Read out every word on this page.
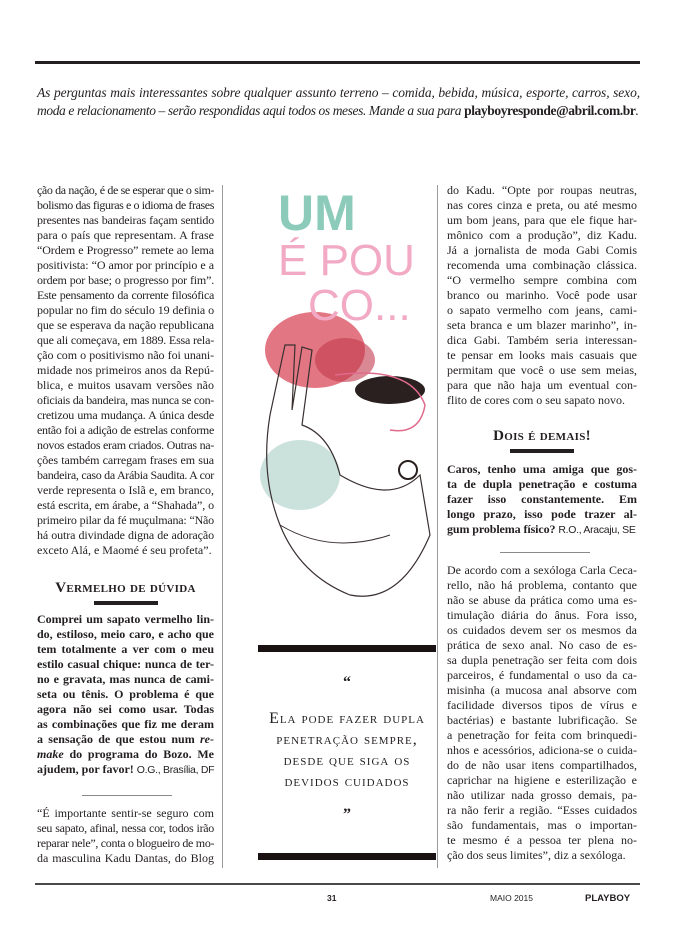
As perguntas mais interessantes sobre qualquer assunto terreno – comida, bebida, música, esporte, carros, sexo,
moda e relacionamento – serão respondidas aqui todos os meses. Mande a sua para playboyresponde@abril.com.br.
ção da nação, é de se esperar que o sim-
bolismo das figuras e o idioma de frases
presentes nas bandeiras façam sentido
para o país que representam. A frase
“Ordem e Progresso” remete ao lema
positivista: “O amor por princípio e a
ordem por base; o progresso por fim”.
Este pensamento da corrente filosófica
popular no fim do século 19 definia o
que se esperava da nação republicana
que ali começava, em 1889. Essa rela-
ção com o positivismo não foi unani-
midade nos primeiros anos da Repú-
blica, e muitos usavam versões não
oficiais da bandeira, mas nunca se con-
cretizou uma mudança. A única desde
então foi a adição de estrelas conforme
novos estados eram criados. Outras na-
ções também carregam frases em sua
bandeira, caso da Arábia Saudita. A cor
verde representa o Islã e, em branco,
está escrita, em árabe, a “Shahada”, o
primeiro pilar da fé muçulmana: “Não
há outra divindade digna de adoração
exceto Alá, e Maomé é seu profeta”.
Vermelho de dúvida
Comprei um sapato vermelho lin-
do, estiloso, meio caro, e acho que
tem totalmente a ver com o meu
estilo casual chique: nunca de ter-
no e gravata, mas nunca de cami-
seta ou tênis. O problema é que
agora não sei como usar. Todas
as combinações que fiz me deram
a sensação de que estou num re-
make do programa do Bozo. Me
ajudem, por favor! O.G., Brasília, DF
“É importante sentir-se seguro com
seu sapato, afinal, nessa cor, todos irão
reparar nele”, conta o blogueiro de mo-
da masculina Kadu Dantas, do Blog
UM
É POU
CO...
“
Ela pode fazer dupla
penetração sempre,
desde que siga os
devidos cuidados
”
do Kadu. “Opte por roupas neutras,
nas cores cinza e preta, ou até mesmo
um bom jeans, para que ele fique har-
mônico com a produção”, diz Kadu.
Já a jornalista de moda Gabi Comis
recomenda uma combinação clássica.
“O vermelho sempre combina com
branco ou marinho. Você pode usar
o sapato vermelho com jeans, cami-
seta branca e um blazer marinho”, in-
dica Gabi. Também seria interessan-
te pensar em looks mais casuais que
permitam que você o use sem meias,
para que não haja um eventual con-
flito de cores com o seu sapato novo.
Dois é demais!
Caros, tenho uma amiga que gos-
ta de dupla penetração e costuma
fazer isso constantemente. Em
longo prazo, isso pode trazer al-
gum problema físico? R.O., Aracaju, SE
De acordo com a sexóloga Carla Ceca-
rello, não há problema, contanto que
não se abuse da prática como uma es-
timulação diária do ânus. Fora isso,
os cuidados devem ser os mesmos da
prática de sexo anal. No caso de es-
sa dupla penetração ser feita com dois
parceiros, é fundamental o uso da ca-
misinha (a mucosa anal absorve com
facilidade diversos tipos de vírus e
bactérias) e bastante lubrificação. Se
a penetração for feita com brinquedi-
nhos e acessórios, adiciona-se o cuida-
do de não usar itens compartilhados,
caprichar na higiene e esterilização e
não utilizar nada grosso demais, pa-
ra não ferir a região. “Esses cuidados
são fundamentais, mas o importan-
te mesmo é a pessoa ter plena no-
ção dos seus limites”, diz a sexóloga.
31	MAIO 2015	PLAYBOY
